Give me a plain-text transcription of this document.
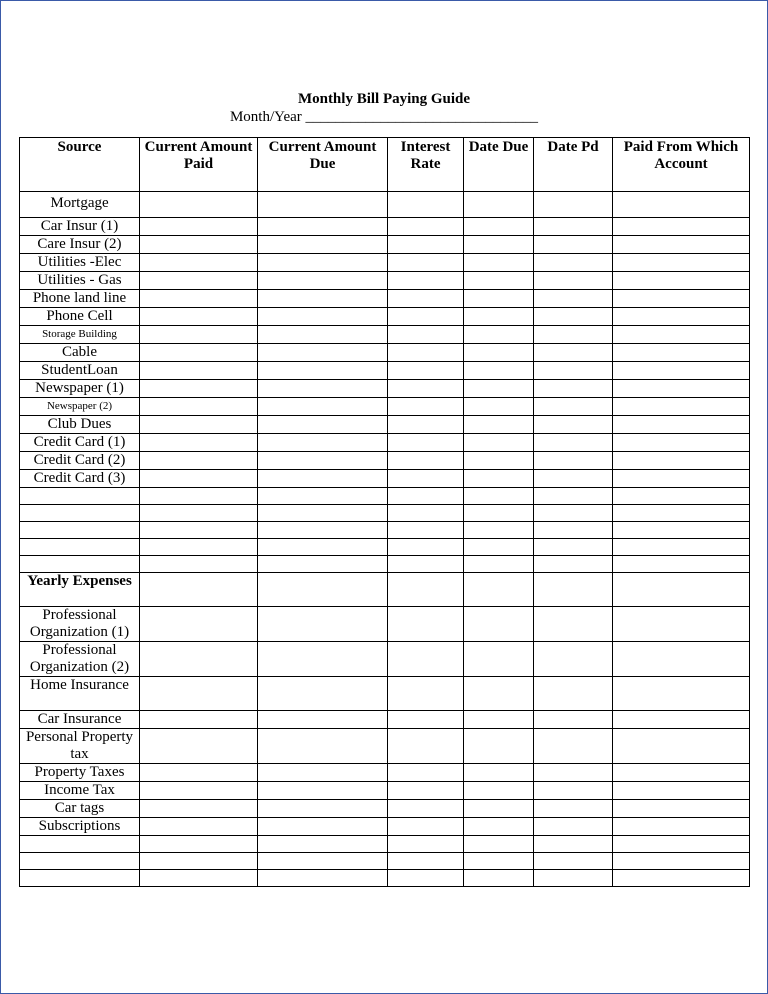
Monthly Bill Paying Guide
Month/Year _______________________________
Source	Current Amount Paid	Current Amount Due	Interest Rate	Date Due	Date Pd	Paid From Which Account
Mortgage						
Car Insur (1)						
Care Insur (2)						
Utilities -Elec						
Utilities - Gas						
Phone land line						
Phone Cell						
Storage Building						
Cable						
StudentLoan						
Newspaper (1)						
Newspaper (2)						
Club Dues						
Credit Card (1)						
Credit Card (2)						
Credit Card (3)						

Yearly Expenses						
Professional Organization (1)						
Professional Organization (2)						
Home Insurance						
Car Insurance						
Personal Property tax						
Property Taxes						
Income Tax						
Car tags						
Subscriptions						
